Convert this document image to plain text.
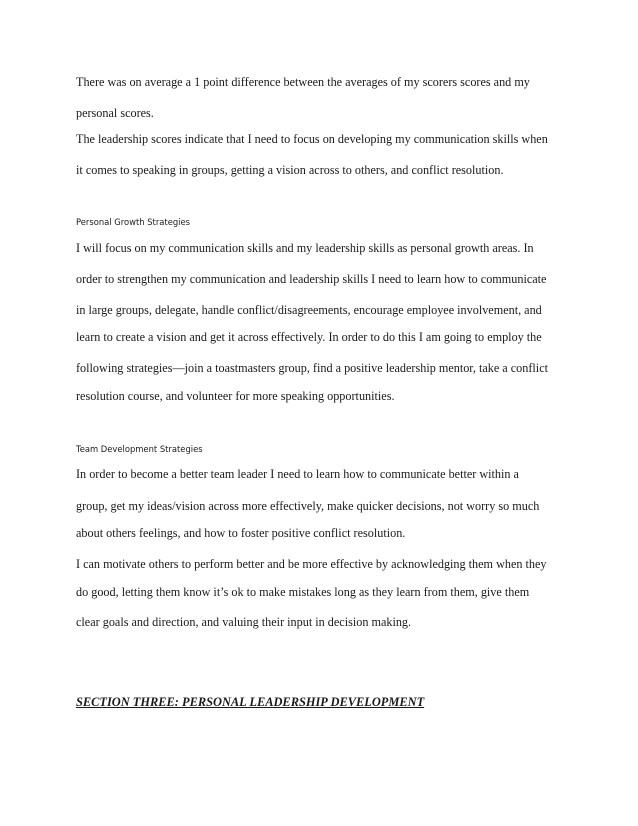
There was on average a 1 point difference between the averages of my scorers scores and my

personal scores.

The leadership scores indicate that I need to focus on developing my communication skills when

it comes to speaking in groups, getting a vision across to others, and conflict resolution.

Personal Growth Strategies

I will focus on my communication skills and my leadership skills as personal growth areas. In

order to strengthen my communication and leadership skills I need to learn how to communicate

in large groups, delegate, handle conflict/disagreements, encourage employee involvement, and

learn to create a vision and get it across effectively. In order to do this I am going to employ the

following strategies—join a toastmasters group, find a positive leadership mentor, take a conflict

resolution course, and volunteer for more speaking opportunities.

Team Development Strategies

In order to become a better team leader I need to learn how to communicate better within a

group, get my ideas/vision across more effectively, make quicker decisions, not worry so much

about others feelings, and how to foster positive conflict resolution.

I can motivate others to perform better and be more effective by acknowledging them when they

do good, letting them know it’s ok to make mistakes long as they learn from them, give them

clear goals and direction, and valuing their input in decision making.

SECTION THREE: PERSONAL LEADERSHIP DEVELOPMENT
